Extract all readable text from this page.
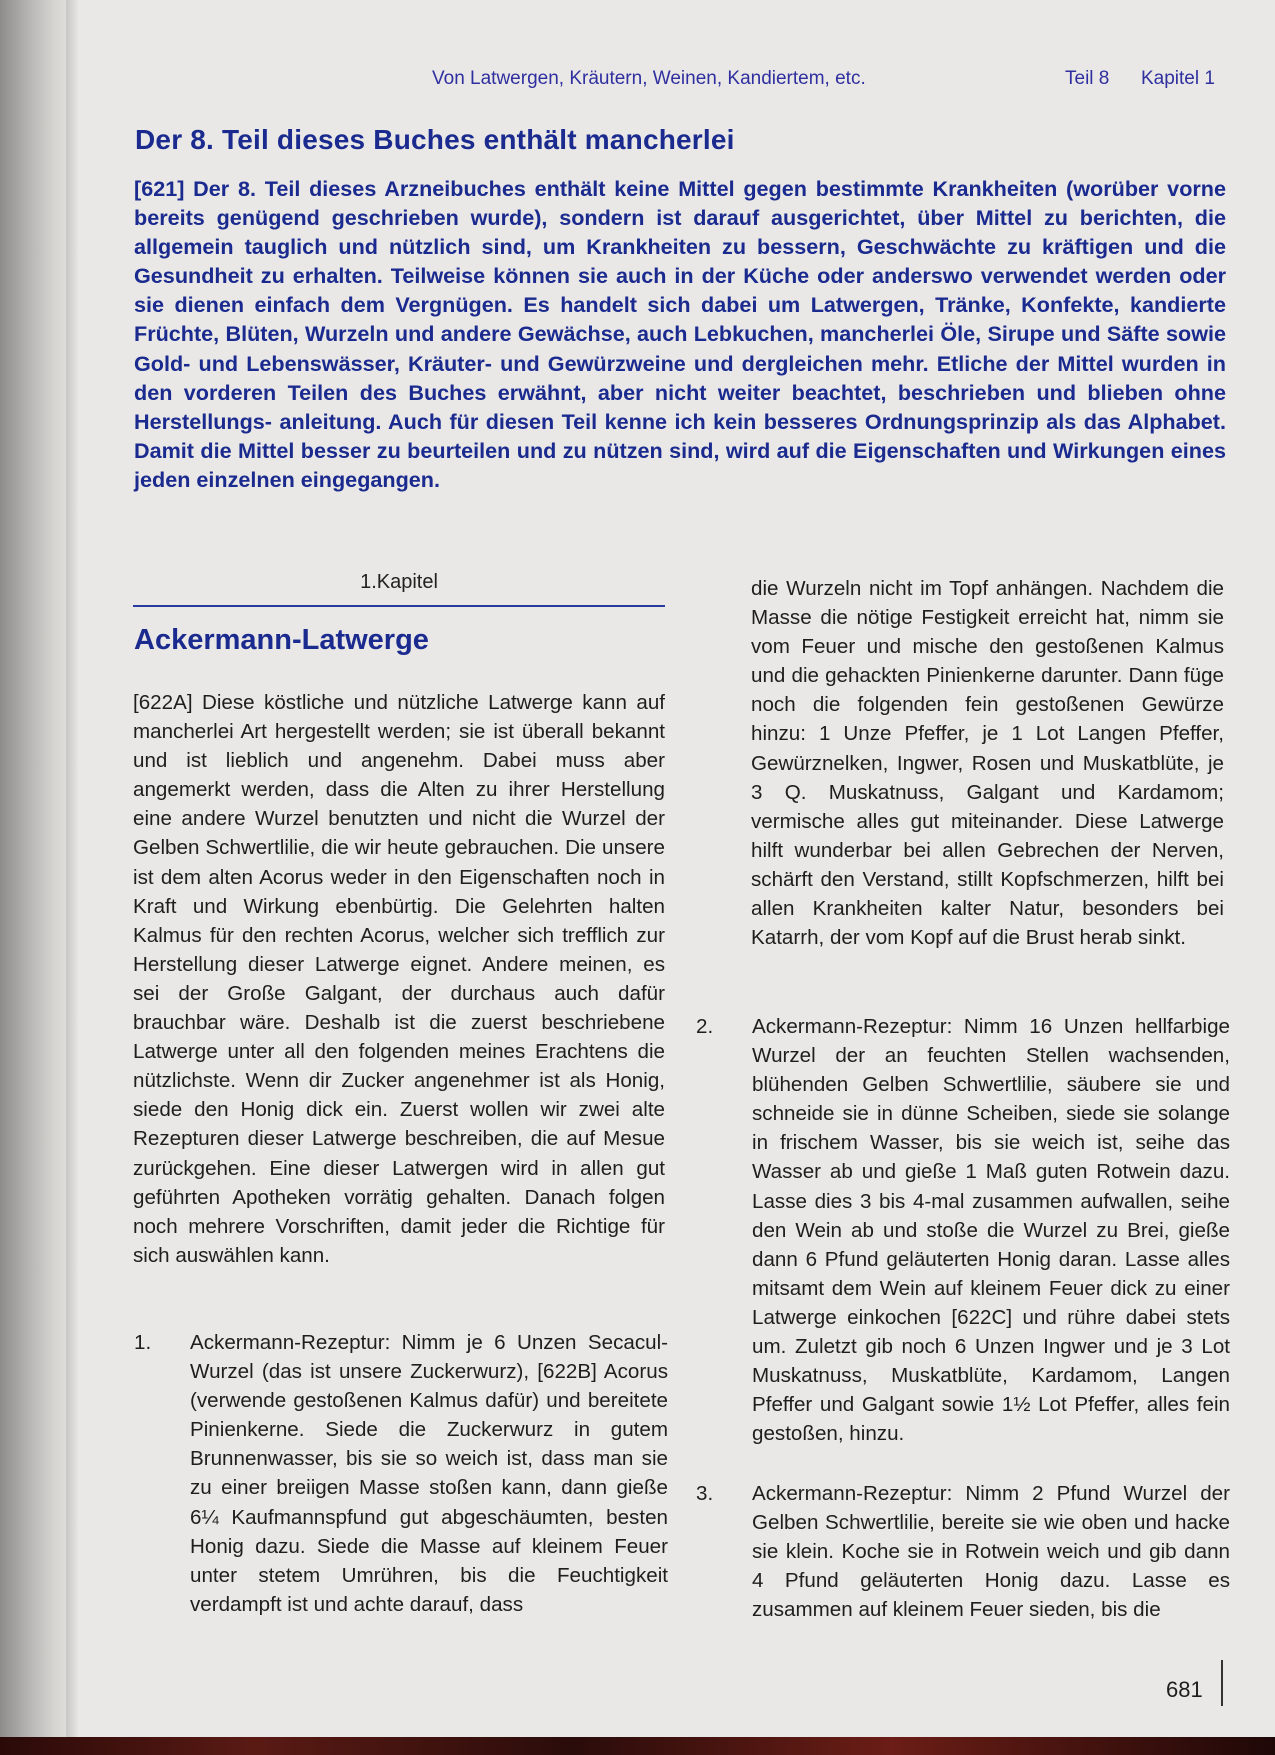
Von Latwergen, Kräutern, Weinen, Kandiertem, etc.	Teil 8 Kapitel 1
Der 8. Teil dieses Buches enthält mancherlei
[621] Der 8. Teil dieses Arzneibuches enthält keine Mittel gegen bestimmte Krankheiten (worüber vorne bereits genügend geschrieben wurde), sondern ist darauf ausgerichtet, über Mittel zu berichten, die allgemein tauglich und nützlich sind, um Krankheiten zu bessern, Geschwächte zu kräftigen und die Gesundheit zu erhalten. Teilweise können sie auch in der Küche oder anderswo verwendet werden oder sie dienen einfach dem Vergnügen. Es handelt sich dabei um Latwergen, Tränke, Konfekte, kandierte Früchte, Blüten, Wurzeln und andere Gewächse, auch Lebkuchen, mancherlei Öle, Sirupe und Säfte sowie Gold- und Lebenswässer, Kräuter- und Gewürzweine und dergleichen mehr. Etliche der Mittel wurden in den vorderen Teilen des Buches erwähnt, aber nicht weiter beachtet, beschrieben und blieben ohne Herstellungs- anleitung. Auch für diesen Teil kenne ich kein besseres Ordnungsprinzip als das Alphabet. Damit die Mittel besser zu beurteilen und zu nützen sind, wird auf die Eigenschaften und Wirkungen eines jeden einzelnen eingegangen.
1.Kapitel
Ackermann-Latwerge
[622A] Diese köstliche und nützliche Latwerge kann auf mancherlei Art hergestellt werden; sie ist überall bekannt und ist lieblich und angenehm. Dabei muss aber angemerkt werden, dass die Alten zu ihrer Herstellung eine andere Wurzel benutzten und nicht die Wurzel der Gelben Schwertlilie, die wir heute gebrauchen. Die unsere ist dem alten Acorus weder in den Eigenschaften noch in Kraft und Wirkung ebenbürtig. Die Gelehrten halten Kalmus für den rechten Acorus, welcher sich trefflich zur Herstellung dieser Latwerge eignet. Andere meinen, es sei der Große Galgant, der durchaus auch dafür brauchbar wäre. Deshalb ist die zuerst beschriebene Latwerge unter all den folgenden meines Erachtens die nützlichste. Wenn dir Zucker angenehmer ist als Honig, siede den Honig dick ein. Zuerst wollen wir zwei alte Rezepturen dieser Latwerge beschreiben, die auf Mesue zurückgehen. Eine dieser Latwergen wird in allen gut geführten Apotheken vorrätig gehalten. Danach folgen noch mehrere Vorschriften, damit jeder die Richtige für sich auswählen kann.
1. Ackermann-Rezeptur: Nimm je 6 Unzen Secacul-Wurzel (das ist unsere Zuckerwurz), [622B] Acorus (verwende gestoßenen Kalmus dafür) und bereitete Pinienkerne. Siede die Zuckerwurz in gutem Brunnenwasser, bis sie so weich ist, dass man sie zu einer breiigen Masse stoßen kann, dann gieße 6¼ Kaufmannspfund gut abgeschäumten, besten Honig dazu. Siede die Masse auf kleinem Feuer unter stetem Umrühren, bis die Feuchtigkeit verdampft ist und achte darauf, dass
die Wurzeln nicht im Topf anhängen. Nachdem die Masse die nötige Festigkeit erreicht hat, nimm sie vom Feuer und mische den gestoßenen Kalmus und die gehackten Pinienkerne darunter. Dann füge noch die folgenden fein gestoßenen Gewürze hinzu: 1 Unze Pfeffer, je 1 Lot Langen Pfeffer, Gewürznelken, Ingwer, Rosen und Muskatblüte, je 3 Q. Muskatnuss, Galgant und Kardamom; vermische alles gut miteinander. Diese Latwerge hilft wunderbar bei allen Gebrechen der Nerven, schärft den Verstand, stillt Kopfschmerzen, hilft bei allen Krankheiten kalter Natur, besonders bei Katarrh, der vom Kopf auf die Brust herab sinkt.
2. Ackermann-Rezeptur: Nimm 16 Unzen hellfarbige Wurzel der an feuchten Stellen wachsenden, blühenden Gelben Schwertlilie, säubere sie und schneide sie in dünne Scheiben, siede sie solange in frischem Wasser, bis sie weich ist, seihe das Wasser ab und gieße 1 Maß guten Rotwein dazu. Lasse dies 3 bis 4-mal zusammen aufwallen, seihe den Wein ab und stoße die Wurzel zu Brei, gieße dann 6 Pfund geläuterten Honig daran. Lasse alles mitsamt dem Wein auf kleinem Feuer dick zu einer Latwerge einkochen [622C] und rühre dabei stets um. Zuletzt gib noch 6 Unzen Ingwer und je 3 Lot Muskatnuss, Muskatblüte, Kardamom, Langen Pfeffer und Galgant sowie 1½ Lot Pfeffer, alles fein gestoßen, hinzu.
3. Ackermann-Rezeptur: Nimm 2 Pfund Wurzel der Gelben Schwertlilie, bereite sie wie oben und hacke sie klein. Koche sie in Rotwein weich und gib dann 4 Pfund geläuterten Honig dazu. Lasse es zusammen auf kleinem Feuer sieden, bis die
681
